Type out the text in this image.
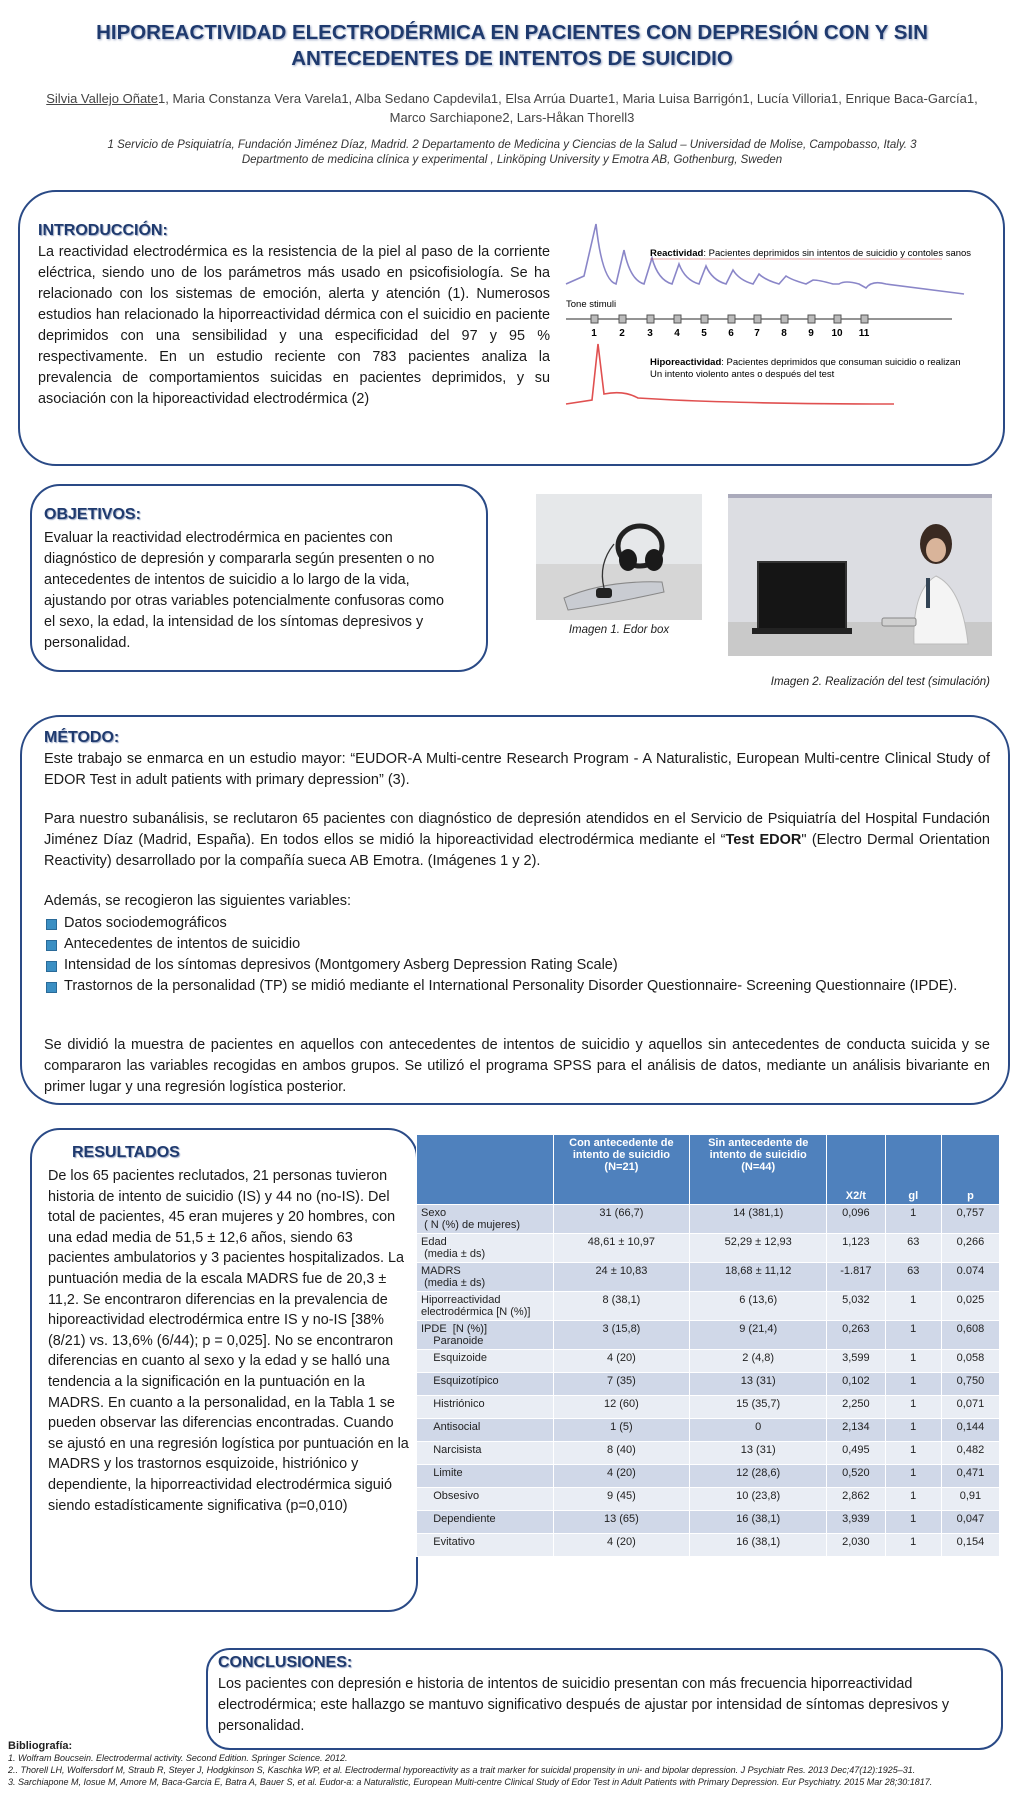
HIPOREACTIVIDAD ELECTRODÉRMICA EN PACIENTES CON DEPRESIÓN CON Y SIN ANTECEDENTES DE INTENTOS DE SUICIDIO
Silvia Vallejo Oñate1, Maria Constanza Vera Varela1, Alba Sedano Capdevila1, Elsa Arrúa Duarte1, Maria Luisa Barrigón1, Lucía Villoria1, Enrique Baca-García1, Marco Sarchiapone2, Lars-Håkan Thorell3
1 Servicio de Psiquiatría, Fundación Jiménez Díaz, Madrid. 2 Departamento de Medicina y Ciencias de la Salud – Universidad de Molise, Campobasso, Italy. 3 Departmento de medicina clínica y experimental , Linköping University y Emotra AB, Gothenburg, Sweden
INTRODUCCIÓN:
La reactividad electrodérmica es la resistencia de la piel al paso de la corriente eléctrica, siendo uno de los parámetros más usado en psicofisiología. Se ha relacionado con los sistemas de emoción, alerta y atención (1). Numerosos estudios han relacionado la hiporreactividad dérmica con el suicidio en paciente deprimidos con una sensibilidad y una especificidad del 97 y 95 % respectivamente. En un estudio reciente con 783 pacientes analiza la prevalencia de comportamientos suicidas en pacientes deprimidos, y su asociación con la hiporeactividad electrodérmica (2)
Reactividad: Pacientes deprimidos sin intentos de suicidio y contoles sanos
Tone stimuli
1 2 3 4 5 6 7 8 9 10 11
Hiporeactividad: Pacientes deprimidos que consuman suicidio o realizan
Un intento violento antes o después del test
OBJETIVOS:
Evaluar la reactividad electrodérmica en pacientes con diagnóstico de depresión y compararla según presenten o no antecedentes de intentos de suicidio a lo largo de la vida, ajustando por otras variables potencialmente confusoras como el sexo, la edad, la intensidad de los síntomas depresivos y personalidad.
Imagen 1. Edor box
Imagen 2. Realización del test (simulación)
MÉTODO:
Este trabajo se enmarca en un estudio mayor: “EUDOR-A Multi-centre Research Program - A Naturalistic, European Multi-centre Clinical Study of EDOR Test in adult patients with primary depression” (3).
Para nuestro subanálisis, se reclutaron 65 pacientes con diagnóstico de depresión atendidos en el Servicio de Psiquiatría del Hospital Fundación Jiménez Díaz (Madrid, España). En todos ellos se midió la hiporeactividad electrodérmica mediante el “Test EDOR" (Electro Dermal Orientation Reactivity) desarrollado por la compañía sueca AB Emotra. (Imágenes 1 y 2).
Además, se recogieron las siguientes variables:
Datos sociodemográficos
Antecedentes de intentos de suicidio
Intensidad de los síntomas depresivos (Montgomery Asberg Depression Rating Scale)
Trastornos de la personalidad (TP) se midió mediante el International Personality Disorder Questionnaire- Screening Questionnaire (IPDE).
Se dividió la muestra de pacientes en aquellos con antecedentes de intentos de suicidio y aquellos sin antecedentes de conducta suicida y se compararon las variables recogidas en ambos grupos. Se utilizó el programa SPSS para el análisis de datos, mediante un análisis bivariante en primer lugar y una regresión logística posterior.
RESULTADOS
De los 65 pacientes reclutados, 21 personas tuvieron historia de intento de suicidio (IS) y 44 no (no-IS). Del total de pacientes, 45 eran mujeres y 20 hombres, con una edad media de 51,5 ± 12,6 años, siendo 63 pacientes ambulatorios y 3 pacientes hospitalizados. La puntuación media de la escala MADRS fue de 20,3 ± 11,2. Se encontraron diferencias en la prevalencia de hiporeactividad electrodérmica entre IS y no-IS [38% (8/21) vs. 13,6% (6/44); p = 0,025]. No se encontraron diferencias en cuanto al sexo y la edad y se halló una tendencia a la significación en la puntuación en la MADRS. En cuanto a la personalidad, en la Tabla 1 se pueden observar las diferencias encontradas. Cuando se ajustó en una regresión logística por puntuación en la MADRS y los trastornos esquizoide, histriónico y dependiente, la hiporreactividad electrodérmica siguió siendo estadísticamente significativa (p=0,010)
	Con antecedente de intento de suicidio (N=21)	Sin antecedente de intento de suicidio (N=44)	X2/t	gl	p
Sexo
( N (%) de mujeres)	31 (66,7)	14 (381,1)	0,096	1	0,757
Edad
(media ± ds)	48,61 ± 10,97	52,29 ± 12,93	1,123	63	0,266
MADRS
(media ± ds)	24 ± 10,83	18,68 ± 11,12	-1.817	63	0.074
Hiporreactividad electrodérmica [N (%)]	8 (38,1)	6 (13,6)	5,032	1	0,025
IPDE  [N (%)]
Paranoide	3 (15,8)	9 (21,4)	0,263	1	0,608
Esquizoide	4 (20)	2 (4,8)	3,599	1	0,058
Esquizotípico	7 (35)	13 (31)	0,102	1	0,750
Histriónico	12 (60)	15 (35,7)	2,250	1	0,071
Antisocial	1 (5)	0	2,134	1	0,144
Narcisista	8 (40)	13 (31)	0,495	1	0,482
Limite	4 (20)	12 (28,6)	0,520	1	0,471
Obsesivo	9 (45)	10 (23,8)	2,862	1	0,91
Dependiente	13 (65)	16 (38,1)	3,939	1	0,047
Evitativo	4 (20)	16 (38,1)	2,030	1	0,154
CONCLUSIONES:
Los pacientes con depresión e historia de intentos de suicidio presentan con más frecuencia hiporreactividad electrodérmica; este hallazgo se mantuvo significativo después de ajustar por intensidad de síntomas depresivos y personalidad.
Bibliografía:
1. Wolfram Boucsein. Electrodermal activity. Second Edition. Springer Science. 2012.
2.. Thorell LH, Wolfersdorf M, Straub R, Steyer J, Hodgkinson S, Kaschka WP, et al. Electrodermal hyporeactivity as a trait marker for suicidal propensity in uni- and bipolar depression. J Psychiatr Res. 2013 Dec;47(12):1925–31.
3. Sarchiapone M, Iosue M, Amore M, Baca-Garcia E, Batra A, Bauer S, et al. Eudor-a: a Naturalistic, European Multi-centre Clinical Study of Edor Test in Adult Patients with Primary Depression. Eur Psychiatry. 2015 Mar 28;30:1817.
